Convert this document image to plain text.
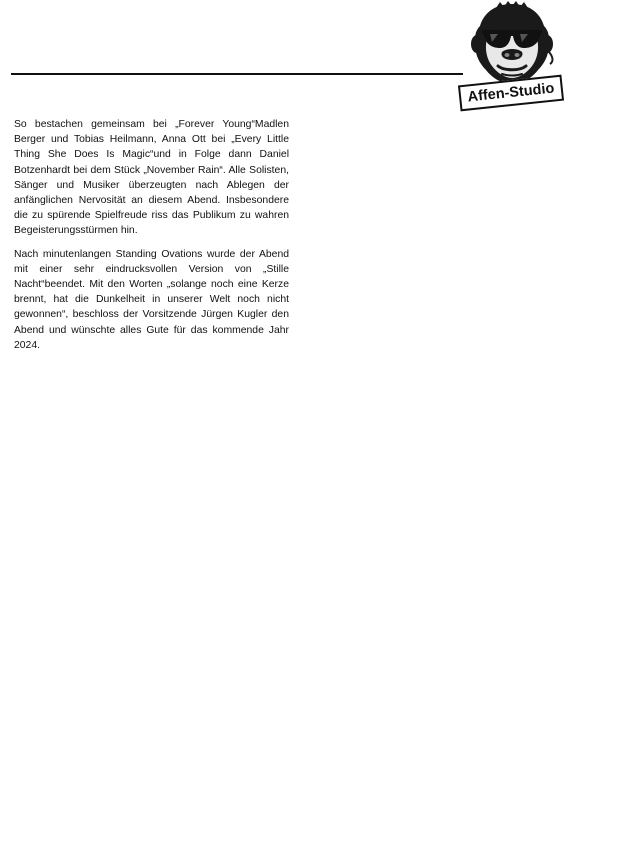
Affen-Studio

So bestachen gemeinsam bei „Forever Young“Madlen Berger und Tobias Heilmann, Anna Ott bei „Every Little Thing She Does Is Magic“und in Folge dann Daniel Botzenhardt bei dem Stück „November Rain“. Alle Solisten, Sänger und Musiker überzeugten nach Ablegen der anfänglichen Nervosität an diesem Abend. Insbesondere die zu spürende Spielfreude riss das Publikum zu wahren Begeisterungsstürmen hin.

Nach minutenlangen Standing Ovations wurde der Abend mit einer sehr eindrucksvollen Version von „Stille Nacht“beendet. Mit den Worten „solange noch eine Kerze brennt, hat die Dunkelheit in unserer Welt noch nicht gewonnen“, beschloss der Vorsitzende Jürgen Kugler den Abend und wünschte alles Gute für das kommende Jahr 2024.
